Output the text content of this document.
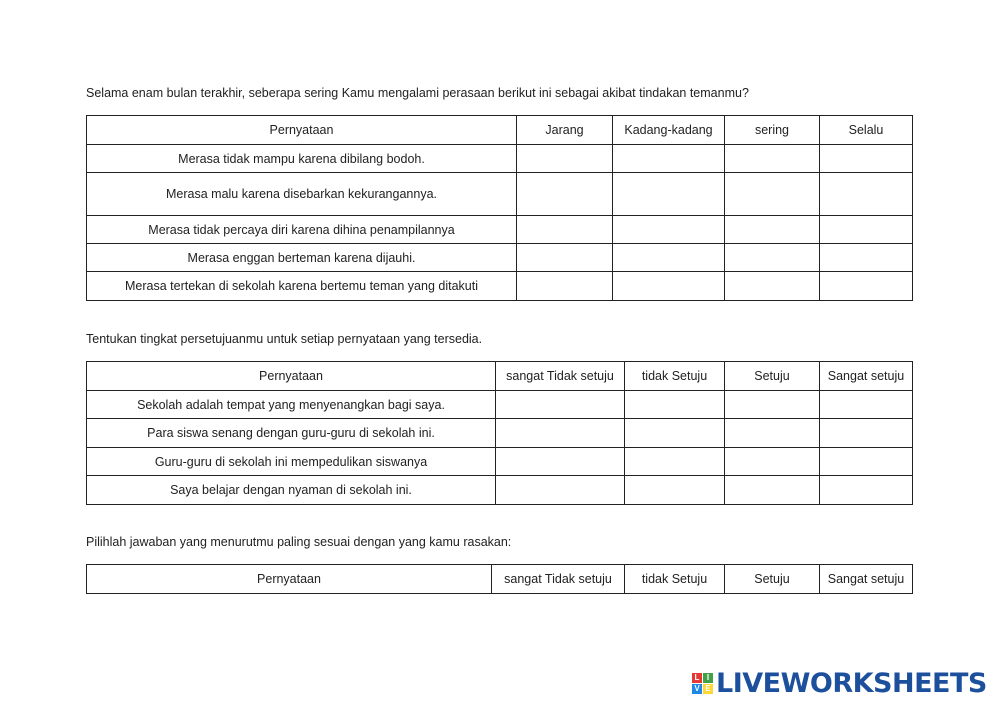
Selama enam bulan terakhir, seberapa sering Kamu mengalami perasaan berikut ini sebagai akibat tindakan temanmu?
Pernyataan	Jarang	Kadang-kadang	sering	Selalu
Merasa tidak mampu karena dibilang bodoh.				
Merasa malu karena disebarkan kekurangannya.				
Merasa tidak percaya diri karena dihina penampilannya				
Merasa enggan berteman karena dijauhi.				
Merasa tertekan di sekolah karena bertemu teman yang ditakuti				
Tentukan tingkat persetujuanmu untuk setiap pernyataan yang tersedia.
Pernyataan	sangat Tidak setuju	tidak Setuju	Setuju	Sangat setuju
Sekolah adalah tempat yang menyenangkan bagi saya.				
Para siswa senang dengan guru-guru di sekolah ini.				
Guru-guru di sekolah ini mempedulikan siswanya				
Saya belajar dengan nyaman di sekolah ini.				
Pilihlah jawaban yang menurutmu paling sesuai dengan yang kamu rasakan:
Pernyataan	sangat Tidak setuju	tidak Setuju	Setuju	Sangat setuju
L I
V E LIVEWORKSHEETS
